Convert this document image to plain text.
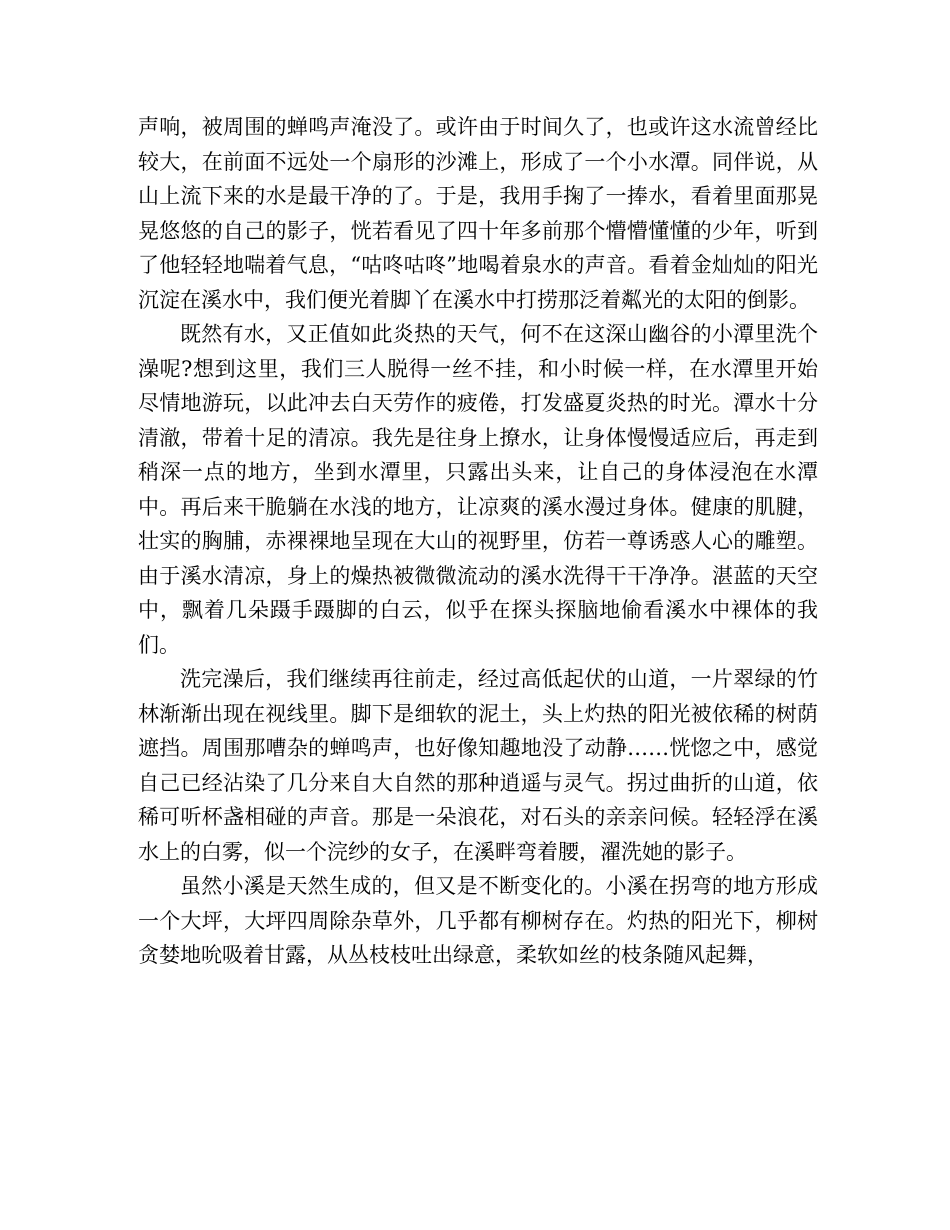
声响，被周围的蝉鸣声淹没了。或许由于时间久了，也或许这水流曾经比较大，在前面不远处一个扇形的沙滩上，形成了一个小水潭。同伴说，从山上流下来的水是最干净的了。于是，我用手掬了一捧水，看着里面那晃晃悠悠的自己的影子，恍若看见了四十年多前那个懵懵懂懂的少年，听到了他轻轻地喘着气息，“咕咚咕咚”地喝着泉水的声音。看着金灿灿的阳光沉淀在溪水中，我们便光着脚丫在溪水中打捞那泛着粼光的太阳的倒影。

既然有水，又正值如此炎热的天气，何不在这深山幽谷的小潭里洗个澡呢?想到这里，我们三人脱得一丝不挂，和小时候一样，在水潭里开始尽情地游玩，以此冲去白天劳作的疲倦，打发盛夏炎热的时光。潭水十分清澈，带着十足的清凉。我先是往身上撩水，让身体慢慢适应后，再走到稍深一点的地方，坐到水潭里，只露出头来，让自己的身体浸泡在水潭中。再后来干脆躺在水浅的地方，让凉爽的溪水漫过身体。健康的肌腱，壮实的胸脯，赤裸裸地呈现在大山的视野里，仿若一尊诱惑人心的雕塑。由于溪水清凉，身上的燥热被微微流动的溪水洗得干干净净。湛蓝的天空中，飘着几朵蹑手蹑脚的白云，似乎在探头探脑地偷看溪水中裸体的我们。

洗完澡后，我们继续再往前走，经过高低起伏的山道，一片翠绿的竹林渐渐出现在视线里。脚下是细软的泥土，头上灼热的阳光被依稀的树荫遮挡。周围那嘈杂的蝉鸣声，也好像知趣地没了动静……恍惚之中，感觉自己已经沾染了几分来自大自然的那种逍遥与灵气。拐过曲折的山道，依稀可听杯盏相碰的声音。那是一朵浪花，对石头的亲亲问候。轻轻浮在溪水上的白雾，似一个浣纱的女子，在溪畔弯着腰，濯洗她的影子。

虽然小溪是天然生成的，但又是不断变化的。小溪在拐弯的地方形成一个大坪，大坪四周除杂草外，几乎都有柳树存在。灼热的阳光下，柳树贪婪地吮吸着甘露，从丛枝枝吐出绿意，柔软如丝的枝条随风起舞，
